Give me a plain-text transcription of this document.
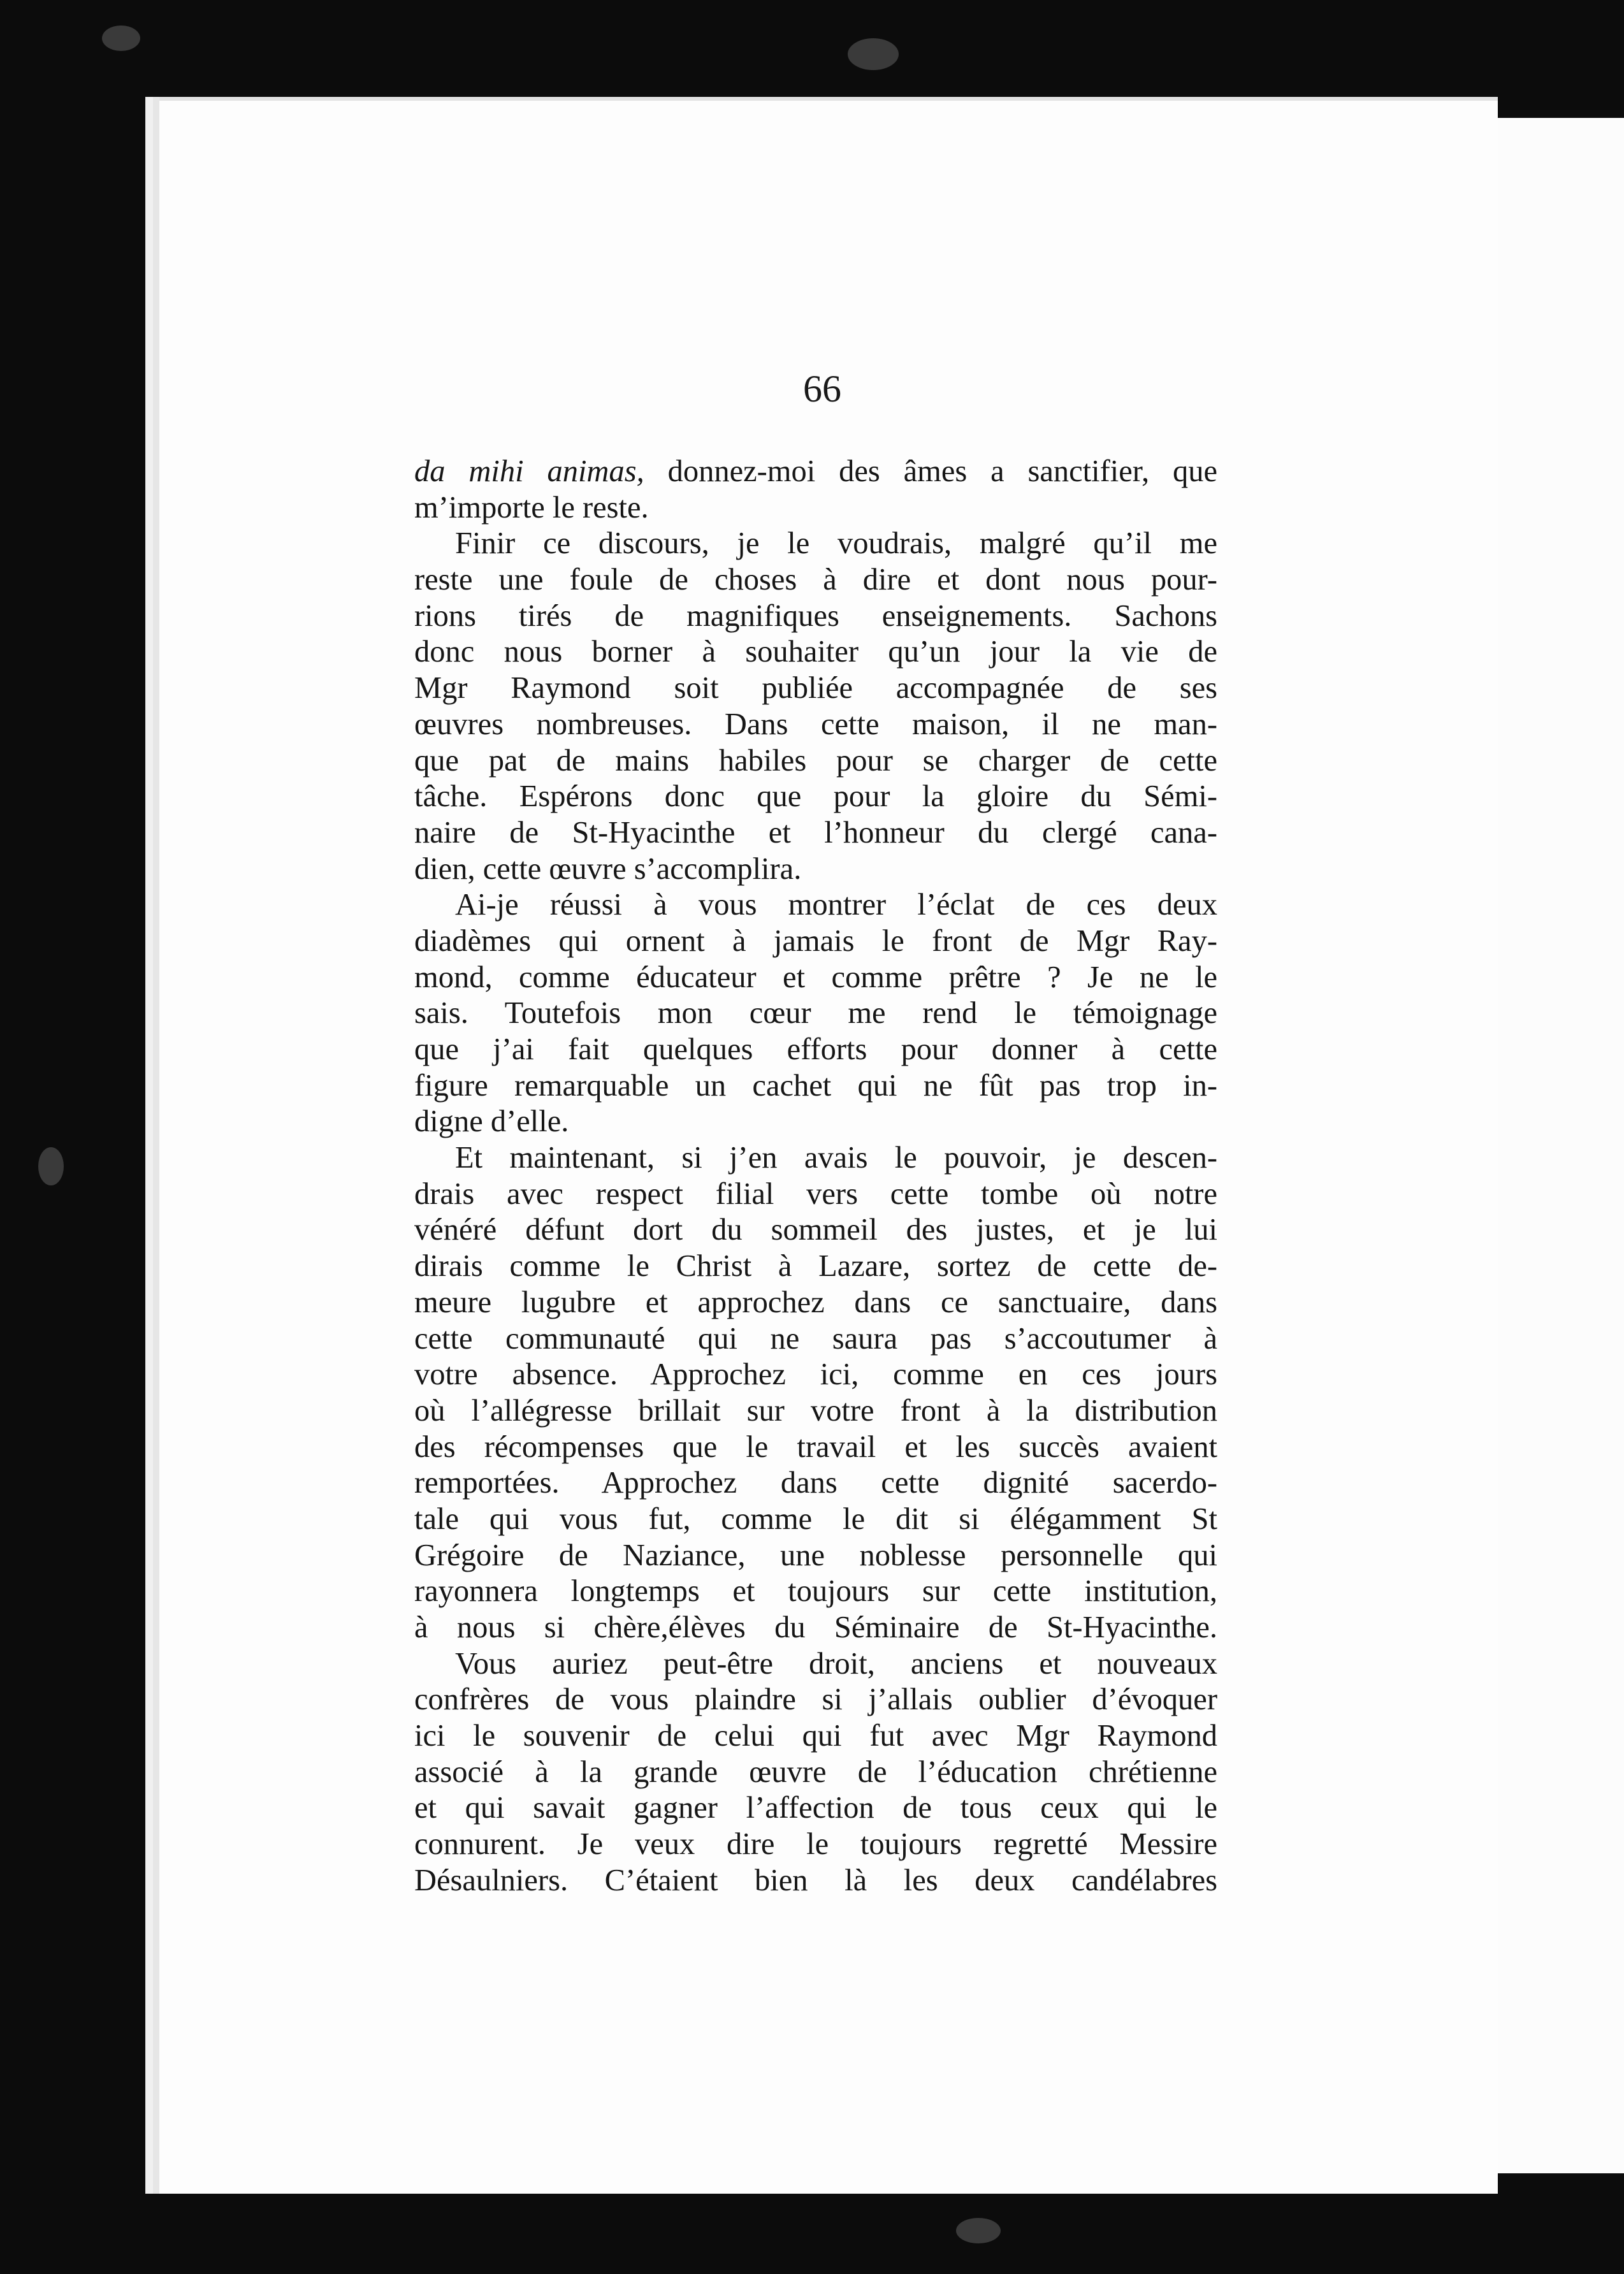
66
da mihi animas, donnez-moi des âmes a sanctifier, que
m’importe le reste.
Finir ce discours, je le voudrais, malgré qu’il me
reste une foule de choses à dire et dont nous pour-
rions tirés de magnifiques enseignements. Sachons
donc nous borner à souhaiter qu’un jour la vie de
Mgr Raymond soit publiée accompagnée de ses
œuvres nombreuses. Dans cette maison, il ne man-
que pat de mains habiles pour se charger de cette
tâche. Espérons donc que pour la gloire du Sémi-
naire de St-Hyacinthe et l’honneur du clergé cana-
dien, cette œuvre s’accomplira.
Ai-je réussi à vous montrer l’éclat de ces deux
diadèmes qui ornent à jamais le front de Mgr Ray-
mond, comme éducateur et comme prêtre ? Je ne le
sais. Toutefois mon cœur me rend le témoignage
que j’ai fait quelques efforts pour donner à cette
figure remarquable un cachet qui ne fût pas trop in-
digne d’elle.
Et maintenant, si j’en avais le pouvoir, je descen-
drais avec respect filial vers cette tombe où notre
vénéré défunt dort du sommeil des justes, et je lui
dirais comme le Christ à Lazare, sortez de cette de-
meure lugubre et approchez dans ce sanctuaire, dans
cette communauté qui ne saura pas s’accoutumer à
votre absence. Approchez ici, comme en ces jours
où l’allégresse brillait sur votre front à la distribution
des récompenses que le travail et les succès avaient
remportées. Approchez dans cette dignité sacerdo-
tale qui vous fut, comme le dit si élégamment St
Grégoire de Naziance, une noblesse personnelle qui
rayonnera longtemps et toujours sur cette institution,
à nous si chère,élèves du Séminaire de St-Hyacinthe.
Vous auriez peut-être droit, anciens et nouveaux
confrères de vous plaindre si j’allais oublier d’évoquer
ici le souvenir de celui qui fut avec Mgr Raymond
associé à la grande œuvre de l’éducation chrétienne
et qui savait gagner l’affection de tous ceux qui le
connurent. Je veux dire le toujours regretté Messire
Désaulniers. C’étaient bien là les deux candélabres
